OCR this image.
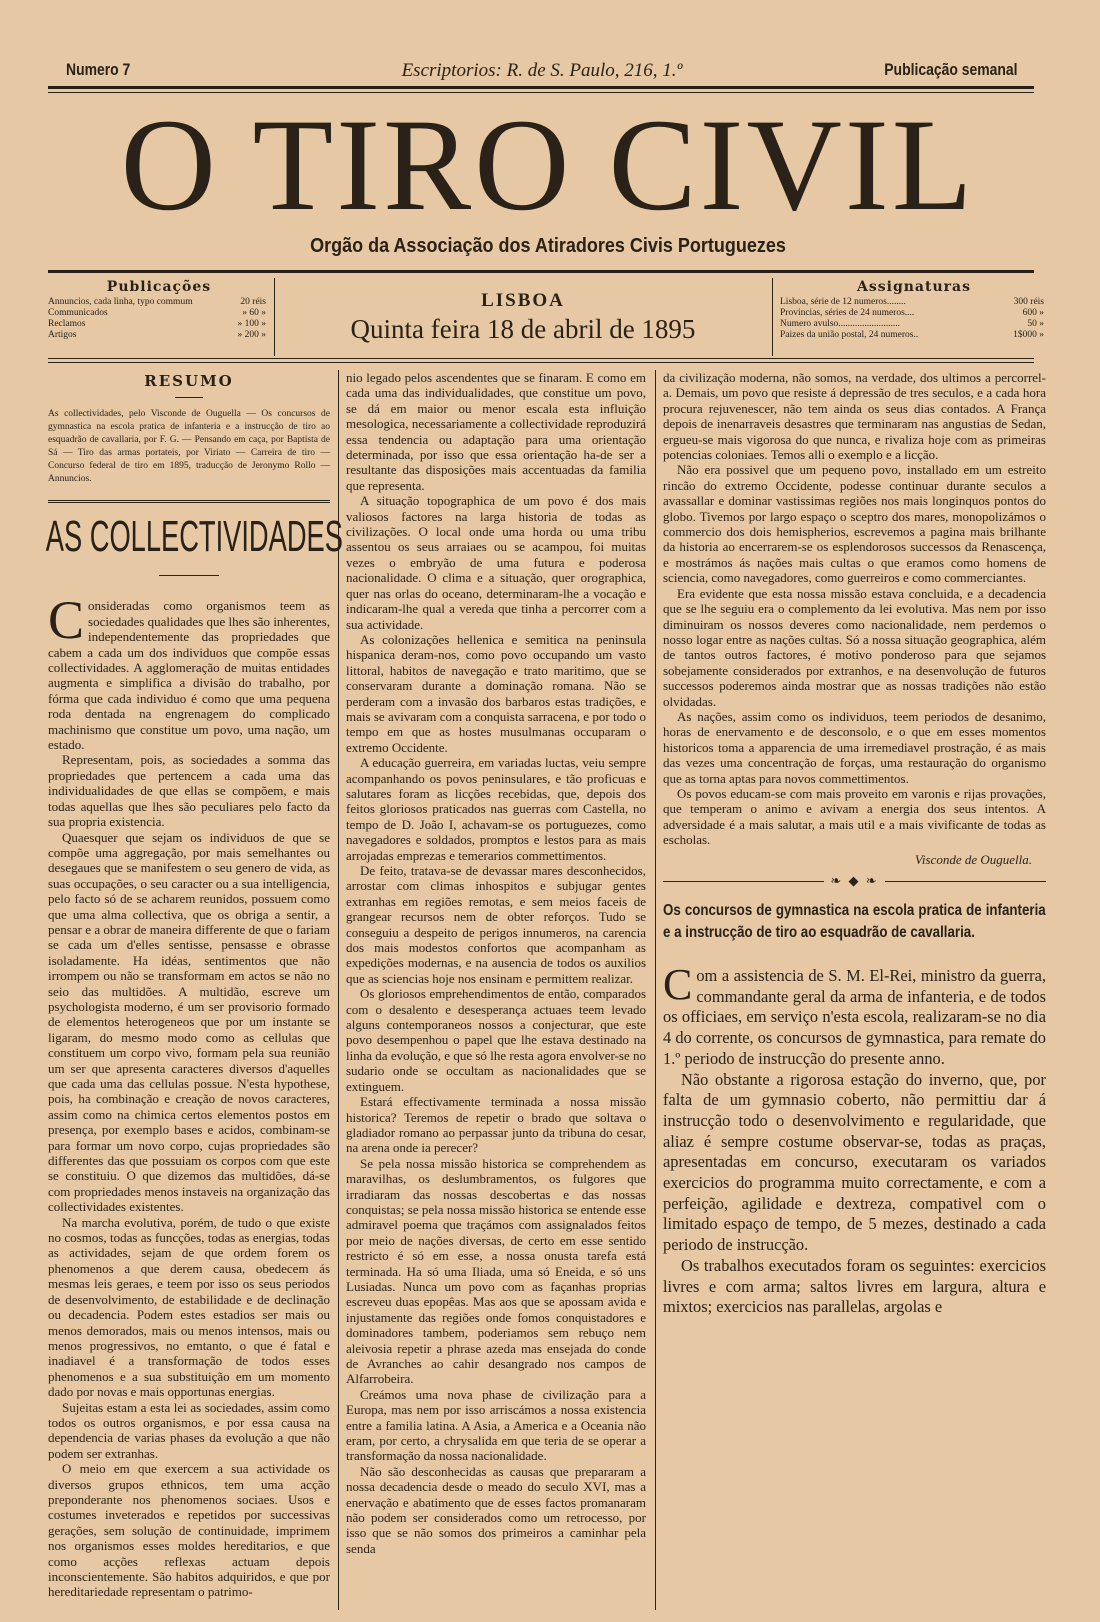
Numero 7	Escriptorios: R. de S. Paulo, 216, 1.º	Publicação semanal
O TIRO CIVIL
Orgão da Associação dos Atiradores Civis Portuguezes
Publicações
Annuncios, cada linha, typo commum	20 réis
Communicados	» 60 »
Reclamos	» 100 »
Artigos	» 200 »
LISBOA
Quinta feira 18 de abril de 1895
Assignaturas
Lisboa, série de 12 numeros........	300 réis
Provincias, séries de 24 numeros....	600 »
Numero avulso..........................	50 »
Paizes da união postal, 24 numeros..	1$000 »
RESUMO

As collectividades, pelo Visconde de Ouguella — Os concursos de gymnastica na escola pratica de infanteria e a instrucção de tiro ao esquadrão de cavallaria, por F. G. — Pensando em caça, por Baptista de Sá — Tiro das armas portateis, por Viriato — Carreira de tiro — Concurso federal de tiro em 1895, traducção de Jeronymo Rollo — Annuncios.

AS COLLECTIVIDADES

Consideradas como organismos teem as sociedades qualidades que lhes são inherentes, independentemente das propriedades que cabem a cada um dos individuos que compõe essas collectividades. A agglomeração de muitas entidades augmenta e simplifica a divisão do trabalho, por fórma que cada individuo é como que uma pequena roda dentada na engrenagem do complicado machinismo que constitue um povo, uma nação, um estado.

Representam, pois, as sociedades a somma das propriedades que pertencem a cada uma das individualidades de que ellas se compõem, e mais todas aquellas que lhes são peculiares pelo facto da sua propria existencia.

Quaesquer que sejam os individuos de que se compõe uma aggregação, por mais semelhantes ou desegaues que se manifestem o seu genero de vida, as suas occupações, o seu caracter ou a sua intelligencia, pelo facto só de se acharem reunidos, possuem como que uma alma collectiva, que os obriga a sentir, a pensar e a obrar de maneira differente de que o fariam se cada um d'elles sentisse, pensasse e obrasse isoladamente. Ha idéas, sentimentos que não irrompem ou não se transformam em actos se não no seio das multidões. A multidão, escreve um psychologista moderno, é um ser provisorio formado de elementos heterogeneos que por um instante se ligaram, do mesmo modo como as cellulas que constituem um corpo vivo, formam pela sua reunião um ser que apresenta caracteres diversos d'aquelles que cada uma das cellulas possue. N'esta hypothese, pois, ha combinação e creação de novos caracteres, assim como na chimica certos elementos postos em presença, por exemplo bases e acidos, combinam-se para formar um novo corpo, cujas propriedades são differentes das que possuiam os corpos com que este se constituiu. O que dizemos das multidões, dá-se com propriedades menos instaveis na organização das collectividades existentes.

Na marcha evolutiva, porém, de tudo o que existe no cosmos, todas as funcções, todas as energias, todas as actividades, sejam de que ordem forem os phenomenos a que derem causa, obedecem ás mesmas leis geraes, e teem por isso os seus periodos de desenvolvimento, de estabilidade e de declinação ou decadencia. Podem estes estadios ser mais ou menos demorados, mais ou menos intensos, mais ou menos progressivos, no emtanto, o que é fatal e inadiavel é a transformação de todos esses phenomenos e a sua substituição em um momento dado por novas e mais opportunas energias.

Sujeitas estam a esta lei as sociedades, assim como todos os outros organismos, e por essa causa na dependencia de varias phases da evolução a que não podem ser extranhas.

O meio em que exercem a sua actividade os diversos grupos ethnicos, tem uma acção preponderante nos phenomenos sociaes. Usos e costumes inveterados e repetidos por successivas gerações, sem solução de continuidade, imprimem nos organismos esses moldes hereditarios, e que como acções reflexas actuam depois inconscientemente. São habitos adquiridos, e que por hereditariedade representam o patrimo-

nio legado pelos ascendentes que se finaram. E como em cada uma das individualidades, que constitue um povo, se dá em maior ou menor escala esta influição mesologica, necessariamente a collectividade reproduzirá essa tendencia ou adaptação para uma orientação determinada, por isso que essa orientação ha-de ser a resultante das disposições mais accentuadas da familia que representa.

A situação topographica de um povo é dos mais valiosos factores na larga historia de todas as civilizações. O local onde uma horda ou uma tribu assentou os seus arraiaes ou se acampou, foi muitas vezes o embryão de uma futura e poderosa nacionalidade. O clima e a situação, quer orographica, quer nas orlas do oceano, determinaram-lhe a vocação e indicaram-lhe qual a vereda que tinha a percorrer com a sua actividade.

As colonizações hellenica e semitica na peninsula hispanica deram-nos, como povo occupando um vasto littoral, habitos de navegação e trato maritimo, que se conservaram durante a dominação romana. Não se perderam com a invasão dos barbaros estas tradições, e mais se avivaram com a conquista sarracena, e por todo o tempo em que as hostes musulmanas occuparam o extremo Occidente.

A educação guerreira, em variadas luctas, veiu sempre acompanhando os povos peninsulares, e tão proficuas e salutares foram as licções recebidas, que, depois dos feitos gloriosos praticados nas guerras com Castella, no tempo de D. João I, achavam-se os portuguezes, como navegadores e soldados, promptos e lestos para as mais arrojadas emprezas e temerarios commettimentos.

De feito, tratava-se de devassar mares desconhecidos, arrostar com climas inhospitos e subjugar gentes extranhas em regiões remotas, e sem meios faceis de grangear recursos nem de obter reforços. Tudo se conseguiu a despeito de perigos innumeros, na carencia dos mais modestos confortos que acompanham as expedições modernas, e na ausencia de todos os auxilios que as sciencias hoje nos ensinam e permittem realizar.

Os gloriosos emprehendimentos de então, comparados com o desalento e desesperança actuaes teem levado alguns contemporaneos nossos a conjecturar, que este povo desempenhou o papel que lhe estava destinado na linha da evolução, e que só lhe resta agora envolver-se no sudario onde se occultam as nacionalidades que se extinguem.

Estará effectivamente terminada a nossa missão historica? Teremos de repetir o brado que soltava o gladiador romano ao perpassar junto da tribuna do cesar, na arena onde ia perecer?

Se pela nossa missão historica se comprehendem as maravilhas, os deslumbramentos, os fulgores que irradiaram das nossas descobertas e das nossas conquistas; se pela nossa missão historica se entende esse admiravel poema que traçámos com assignalados feitos por meio de nações diversas, de certo em esse sentido restricto é só em esse, a nossa onusta tarefa está terminada. Ha só uma Iliada, uma só Eneida, e só uns Lusiadas. Nunca um povo com as façanhas proprias escreveu duas epopêas. Mas aos que se apossam avida e injustamente das regiões onde fomos conquistadores e dominadores tambem, poderiamos sem rebuço nem aleivosia repetir a phrase azeda mas ensejada do conde de Avranches ao cahir desangrado nos campos de Alfarrobeira.

Creámos uma nova phase de civilização para a Europa, mas nem por isso arriscámos a nossa existencia entre a familia latina. A Asia, a America e a Oceania não eram, por certo, a chrysalida em que teria de se operar a transformação da nossa nacionalidade.

Não são desconhecidas as causas que prepararam a nossa decadencia desde o meado do seculo XVI, mas a enervação e abatimento que de esses factos promanaram não podem ser considerados como um retrocesso, por isso que se não somos dos primeiros a caminhar pela senda

da civilização moderna, não somos, na verdade, dos ultimos a percorrel-a. Demais, um povo que resiste á depressão de tres seculos, e a cada hora procura rejuvenescer, não tem ainda os seus dias contados. A França depois de inenarraveis desastres que terminaram nas angustias de Sedan, ergueu-se mais vigorosa do que nunca, e rivaliza hoje com as primeiras potencias coloniaes. Temos alli o exemplo e a licção.

Não era possivel que um pequeno povo, installado em um estreito rincão do extremo Occidente, podesse continuar durante seculos a avassallar e dominar vastissimas regiões nos mais longinquos pontos do globo. Tivemos por largo espaço o sceptro dos mares, monopolizámos o commercio dos dois hemispherios, escrevemos a pagina mais brilhante da historia ao encerrarem-se os esplendorosos successos da Renascença, e mostrámos ás nações mais cultas o que eramos como homens de sciencia, como navegadores, como guerreiros e como commerciantes.

Era evidente que esta nossa missão estava concluida, e a decadencia que se lhe seguiu era o complemento da lei evolutiva. Mas nem por isso diminuiram os nossos deveres como nacionalidade, nem perdemos o nosso logar entre as nações cultas. Só a nossa situação geographica, além de tantos outros factores, é motivo ponderoso para que sejamos sobejamente considerados por extranhos, e na desenvolução de futuros successos poderemos ainda mostrar que as nossas tradições não estão olvidadas.

As nações, assim como os individuos, teem periodos de desanimo, horas de enervamento e de desconsolo, e o que em esses momentos historicos toma a apparencia de uma irremediavel prostração, é as mais das vezes uma concentração de forças, uma restauração do organismo que as torna aptas para novos commettimentos.

Os povos educam-se com mais proveito em varonis e rijas provações, que temperam o animo e avivam a energia dos seus intentos. A adversidade é a mais salutar, a mais util e a mais vivificante de todas as escholas.

Visconde de Ouguella.
❧ ◆ ❧
Os concursos de gymnastica na escola pratica de infanteria e a instrucção de tiro ao esquadrão de cavallaria.

Com a assistencia de S. M. El-Rei, ministro da guerra, commandante geral da arma de infanteria, e de todos os officiaes, em serviço n'esta escola, realizaram-se no dia 4 do corrente, os concursos de gymnastica, para remate do 1.º periodo de instrucção do presente anno.

Não obstante a rigorosa estação do inverno, que, por falta de um gymnasio coberto, não permittiu dar á instrucção todo o desenvolvimento e regularidade, que aliaz é sempre costume observar-se, todas as praças, apresentadas em concurso, executaram os variados exercicios do programma muito correctamente, e com a perfeição, agilidade e dextreza, compativel com o limitado espaço de tempo, de 5 mezes, destinado a cada periodo de instrucção.

Os trabalhos executados foram os seguintes: exercicios livres e com arma; saltos livres em largura, altura e mixtos; exercicios nas parallelas, argolas e
